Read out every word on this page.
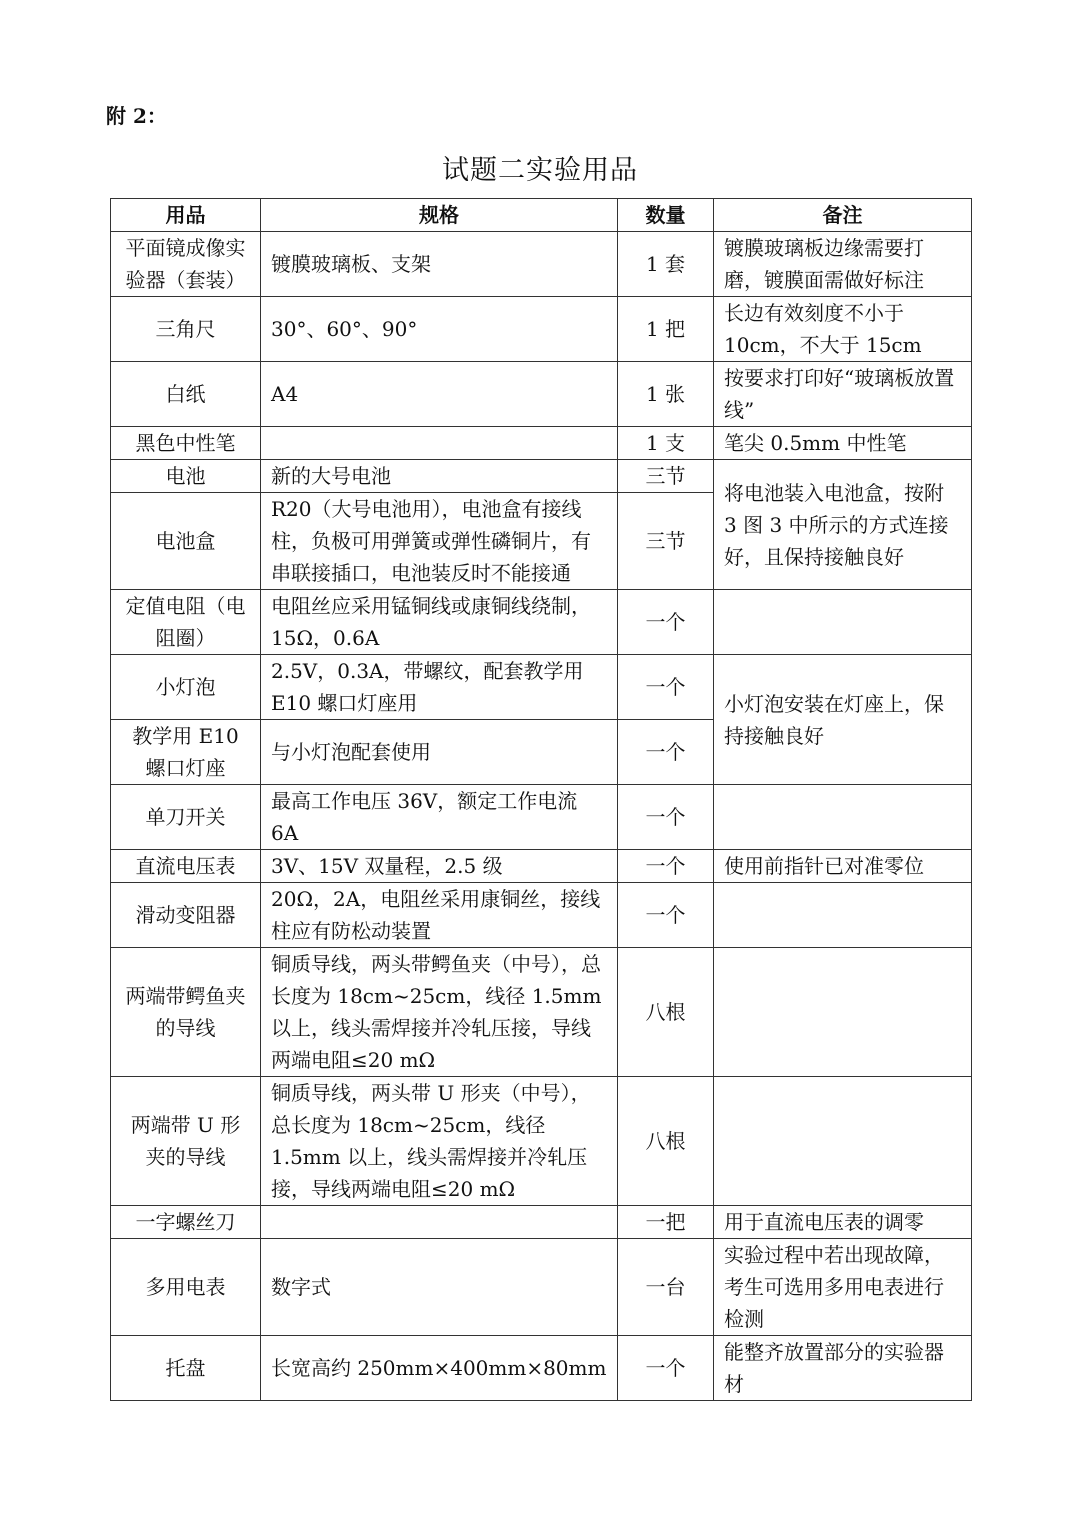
附 2：
试题二实验用品
用品	规格	数量	备注
平面镜成像实验器（套装）	镀膜玻璃板、支架	1 套	镀膜玻璃板边缘需要打磨，镀膜面需做好标注
三角尺	30°、60°、90°	1 把	长边有效刻度不小于 10cm，不大于 15cm
白纸	A4	1 张	按要求打印好“玻璃板放置线”
黑色中性笔		1 支	笔尖 0.5mm 中性笔
电池	新的大号电池	三节	将电池装入电池盒，按附 3 图 3 中所示的方式连接好，且保持接触良好
电池盒	R20（大号电池用），电池盒有接线柱，负极可用弹簧或弹性磷铜片，有串联接插口，电池装反时不能接通	三节	
定值电阻（电阻圈）	电阻丝应采用锰铜线或康铜线绕制，15Ω，0.6A	一个	
小灯泡	2.5V，0.3A，带螺纹，配套教学用 E10 螺口灯座用	一个	小灯泡安装在灯座上，保持接触良好
教学用 E10 螺口灯座	与小灯泡配套使用	一个	
单刀开关	最高工作电压 36V，额定工作电流 6A	一个	
直流电压表	3V、15V 双量程，2.5 级	一个	使用前指针已对准零位
滑动变阻器	20Ω，2A，电阻丝采用康铜丝，接线柱应有防松动装置	一个	
两端带鳄鱼夹的导线	铜质导线，两头带鳄鱼夹（中号），总长度为 18cm~25cm，线径 1.5mm 以上，线头需焊接并冷轧压接，导线两端电阻≤20 mΩ	八根	
两端带 U 形夹的导线	铜质导线，两头带 U 形夹（中号），总长度为 18cm~25cm，线径 1.5mm 以上，线头需焊接并冷轧压接，导线两端电阻≤20 mΩ	八根	
一字螺丝刀		一把	用于直流电压表的调零
多用电表	数字式	一台	实验过程中若出现故障，考生可选用多用电表进行检测
托盘	长宽高约 250mm×400mm×80mm	一个	能整齐放置部分的实验器材
